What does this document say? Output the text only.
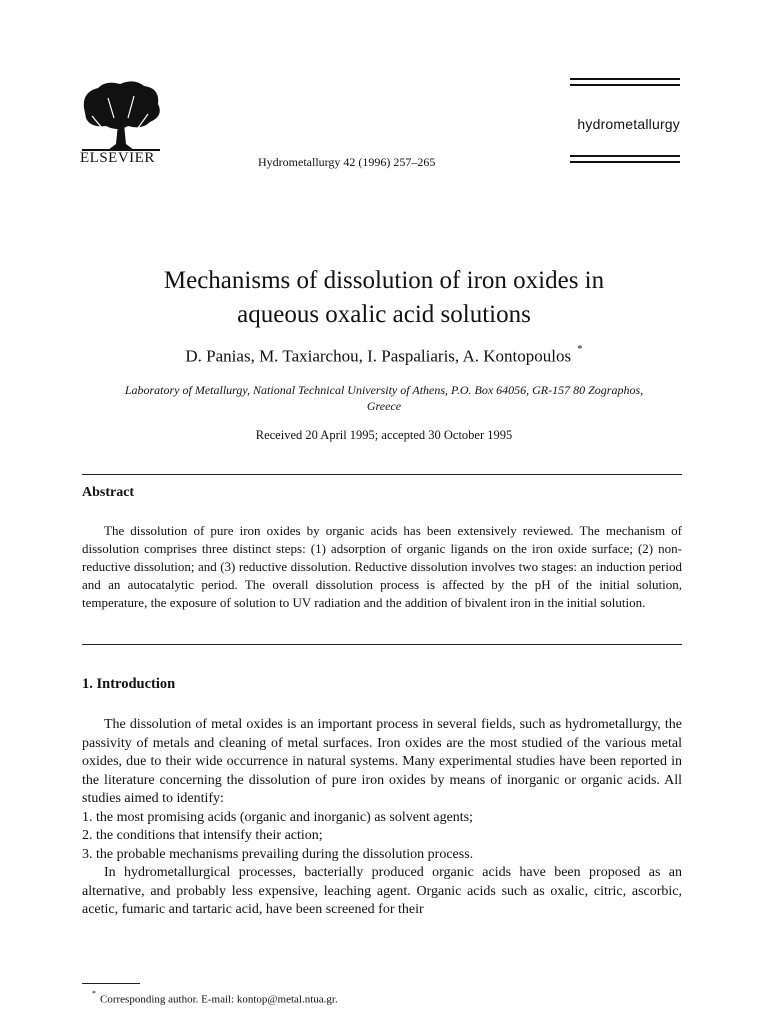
ELSEVIER	Hydrometallurgy 42 (1996) 257–265
hydrometallurgy
Mechanisms of dissolution of iron oxides in
aqueous oxalic acid solutions
D. Panias, M. Taxiarchou, I. Paspaliaris, A. Kontopoulos *
Laboratory of Metallurgy, National Technical University of Athens, P.O. Box 64056, GR-157 80 Zographos,
Greece
Received 20 April 1995; accepted 30 October 1995
Abstract

The dissolution of pure iron oxides by organic acids has been extensively reviewed. The mechanism of dissolution comprises three distinct steps: (1) adsorption of organic ligands on the iron oxide surface; (2) non-reductive dissolution; and (3) reductive dissolution. Reductive dissolution involves two stages: an induction period and an autocatalytic period. The overall dissolution process is affected by the pH of the initial solution, temperature, the exposure of solution to UV radiation and the addition of bivalent iron in the initial solution.

1. Introduction

The dissolution of metal oxides is an important process in several fields, such as hydrometallurgy, the passivity of metals and cleaning of metal surfaces. Iron oxides are the most studied of the various metal oxides, due to their wide occurrence in natural systems. Many experimental studies have been reported in the literature concerning the dissolution of pure iron oxides by means of inorganic or organic acids. All studies aimed to identify:

1. the most promising acids (organic and inorganic) as solvent agents;
2. the conditions that intensify their action;
3. the probable mechanisms prevailing during the dissolution process.

In hydrometallurgical processes, bacterially produced organic acids have been proposed as an alternative, and probably less expensive, leaching agent. Organic acids such as oxalic, citric, ascorbic, acetic, fumaric and tartaric acid, have been screened for their

*Corresponding author. E-mail: kontop@metal.ntua.gr.
